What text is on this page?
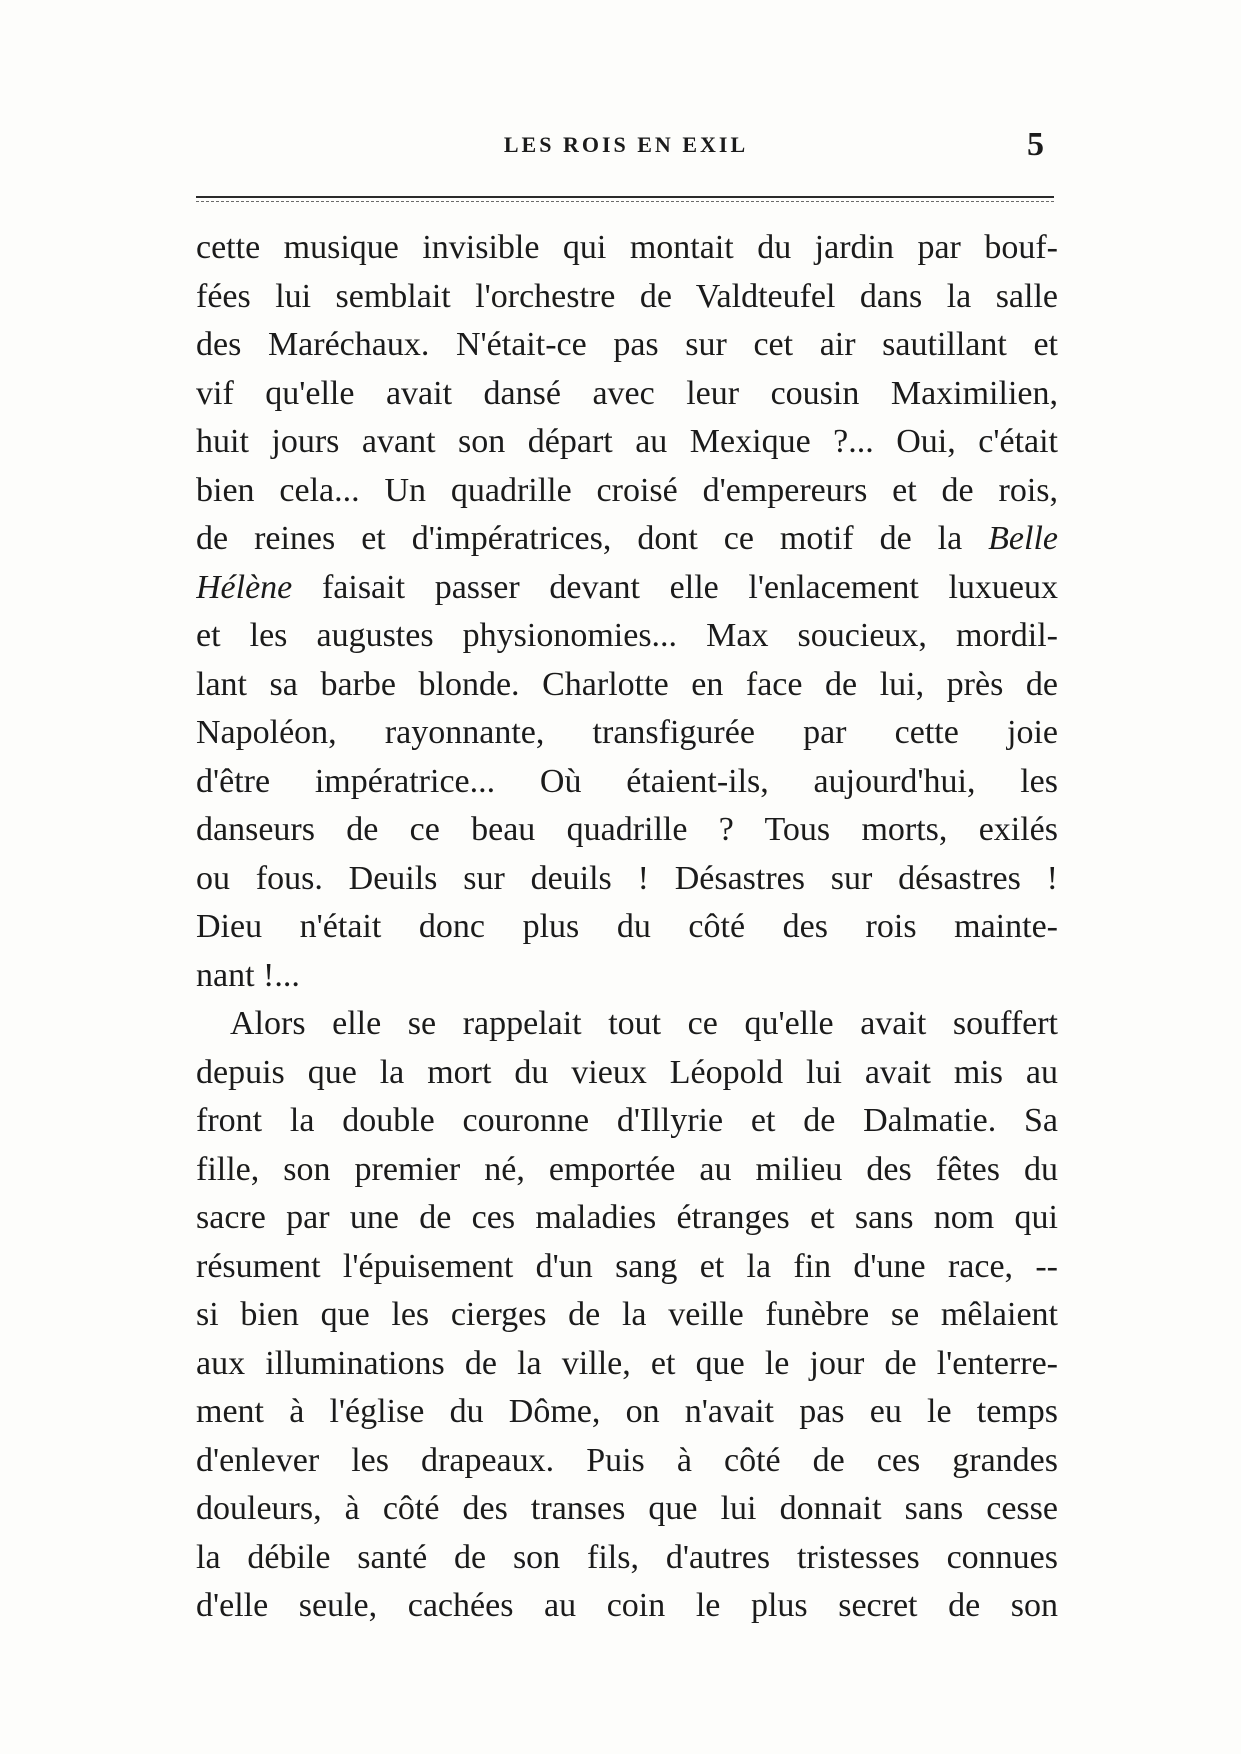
LES ROIS EN EXIL	5
cette musique invisible qui montait du jardin par bouf-
fées lui semblait l'orchestre de Valdteufel dans la salle
des Maréchaux. N'était-ce pas sur cet air sautillant et
vif qu'elle avait dansé avec leur cousin Maximilien,
huit jours avant son départ au Mexique ?... Oui, c'était
bien cela... Un quadrille croisé d'empereurs et de rois,
de reines et d'impératrices, dont ce motif de la Belle
Hélène faisait passer devant elle l'enlacement luxueux
et les augustes physionomies... Max soucieux, mordil-
lant sa barbe blonde. Charlotte en face de lui, près de
Napoléon, rayonnante, transfigurée par cette joie
d'être impératrice... Où étaient-ils, aujourd'hui, les
danseurs de ce beau quadrille ? Tous morts, exilés
ou fous. Deuils sur deuils ! Désastres sur désastres !
Dieu n'était donc plus du côté des rois mainte-
nant !...
Alors elle se rappelait tout ce qu'elle avait souffert
depuis que la mort du vieux Léopold lui avait mis au
front la double couronne d'Illyrie et de Dalmatie. Sa
fille, son premier né, emportée au milieu des fêtes du
sacre par une de ces maladies étranges et sans nom qui
résument l'épuisement d'un sang et la fin d'une race, --
si bien que les cierges de la veille funèbre se mêlaient
aux illuminations de la ville, et que le jour de l'enterre-
ment à l'église du Dôme, on n'avait pas eu le temps
d'enlever les drapeaux. Puis à côté de ces grandes
douleurs, à côté des transes que lui donnait sans cesse
la débile santé de son fils, d'autres tristesses connues
d'elle seule, cachées au coin le plus secret de son
